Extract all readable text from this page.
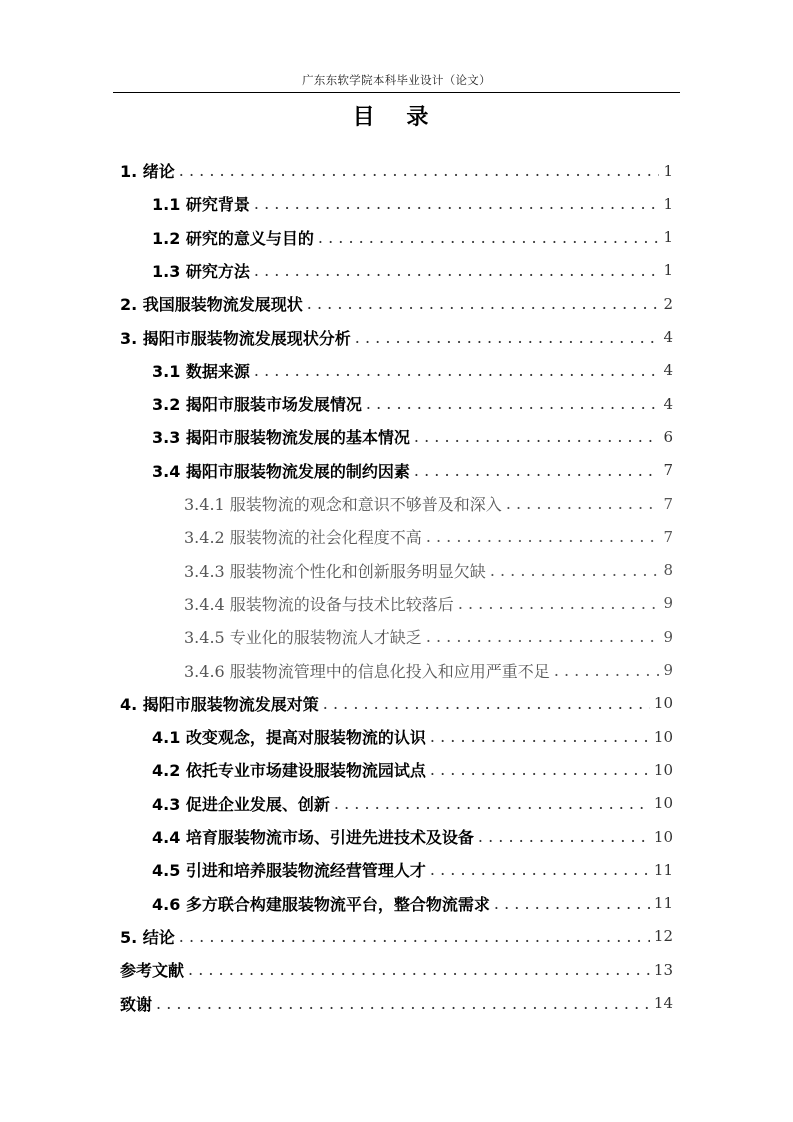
广东东软学院本科毕业设计（论文）
目 录
1. 绪论 . . .	1
1.1 研究背景 . . .	1
1.2 研究的意义与目的 . . .	1
1.3 研究方法 . . .	1
2. 我国服装物流发展现状 . . .	2
3. 揭阳市服装物流发展现状分析 . . .	4
3.1 数据来源 . . .	4
3.2 揭阳市服装市场发展情况 . . .	4
3.3 揭阳市服装物流发展的基本情况 . . .	6
3.4 揭阳市服装物流发展的制约因素 . . .	7
3.4.1 服装物流的观念和意识不够普及和深入 . . .	7
3.4.2 服装物流的社会化程度不高 . . .	7
3.4.3 服装物流个性化和创新服务明显欠缺 . . .	8
3.4.4 服装物流的设备与技术比较落后 . . .	9
3.4.5 专业化的服装物流人才缺乏 . . .	9
3.4.6 服装物流管理中的信息化投入和应用严重不足 . . .	9
4. 揭阳市服装物流发展对策 . . .	10
4.1 改变观念，提高对服装物流的认识 . . .	10
4.2 依托专业市场建设服装物流园试点 . . .	10
4.3 促进企业发展、创新 . . .	10
4.4 培育服装物流市场、引进先进技术及设备 . . .	10
4.5 引进和培养服装物流经营管理人才 . . .	11
4.6 多方联合构建服装物流平台，整合物流需求 . . .	11
5. 结论 . . .	12
参考文献 . . .	13
致谢 . . .	14
